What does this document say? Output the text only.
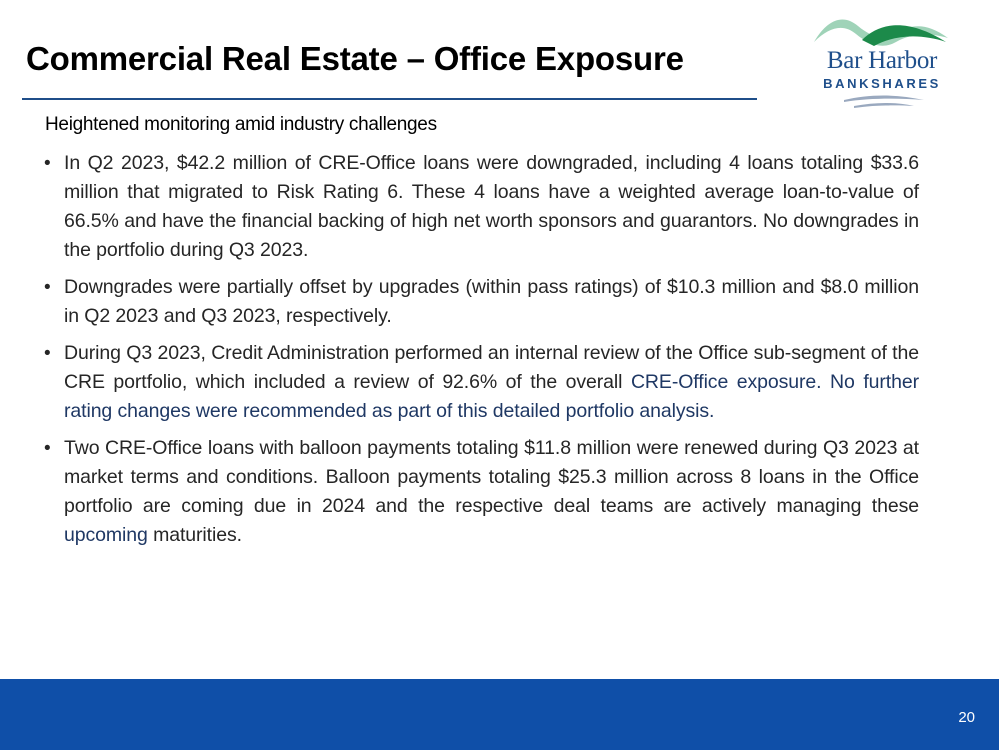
Commercial Real Estate – Office Exposure	Bar Harbor
BANKSHARES
Heightened monitoring amid industry challenges
• In Q2 2023, $42.2 million of CRE-Office loans were downgraded, including 4 loans totaling $33.6 million that migrated to Risk Rating 6. These 4 loans have a weighted average loan-to-value of 66.5% and have the financial backing of high net worth sponsors and guarantors. No downgrades in the portfolio during Q3 2023.
• Downgrades were partially offset by upgrades (within pass ratings) of $10.3 million and $8.0 million in Q2 2023 and Q3 2023, respectively.
• During Q3 2023, Credit Administration performed an internal review of the Office sub-segment of the CRE portfolio, which included a review of 92.6% of the overall CRE-Office exposure. No further rating changes were recommended as part of this detailed portfolio analysis.
• Two CRE-Office loans with balloon payments totaling $11.8 million were renewed during Q3 2023 at market terms and conditions. Balloon payments totaling $25.3 million across 8 loans in the Office portfolio are coming due in 2024 and the respective deal teams are actively managing these upcoming maturities.
20
